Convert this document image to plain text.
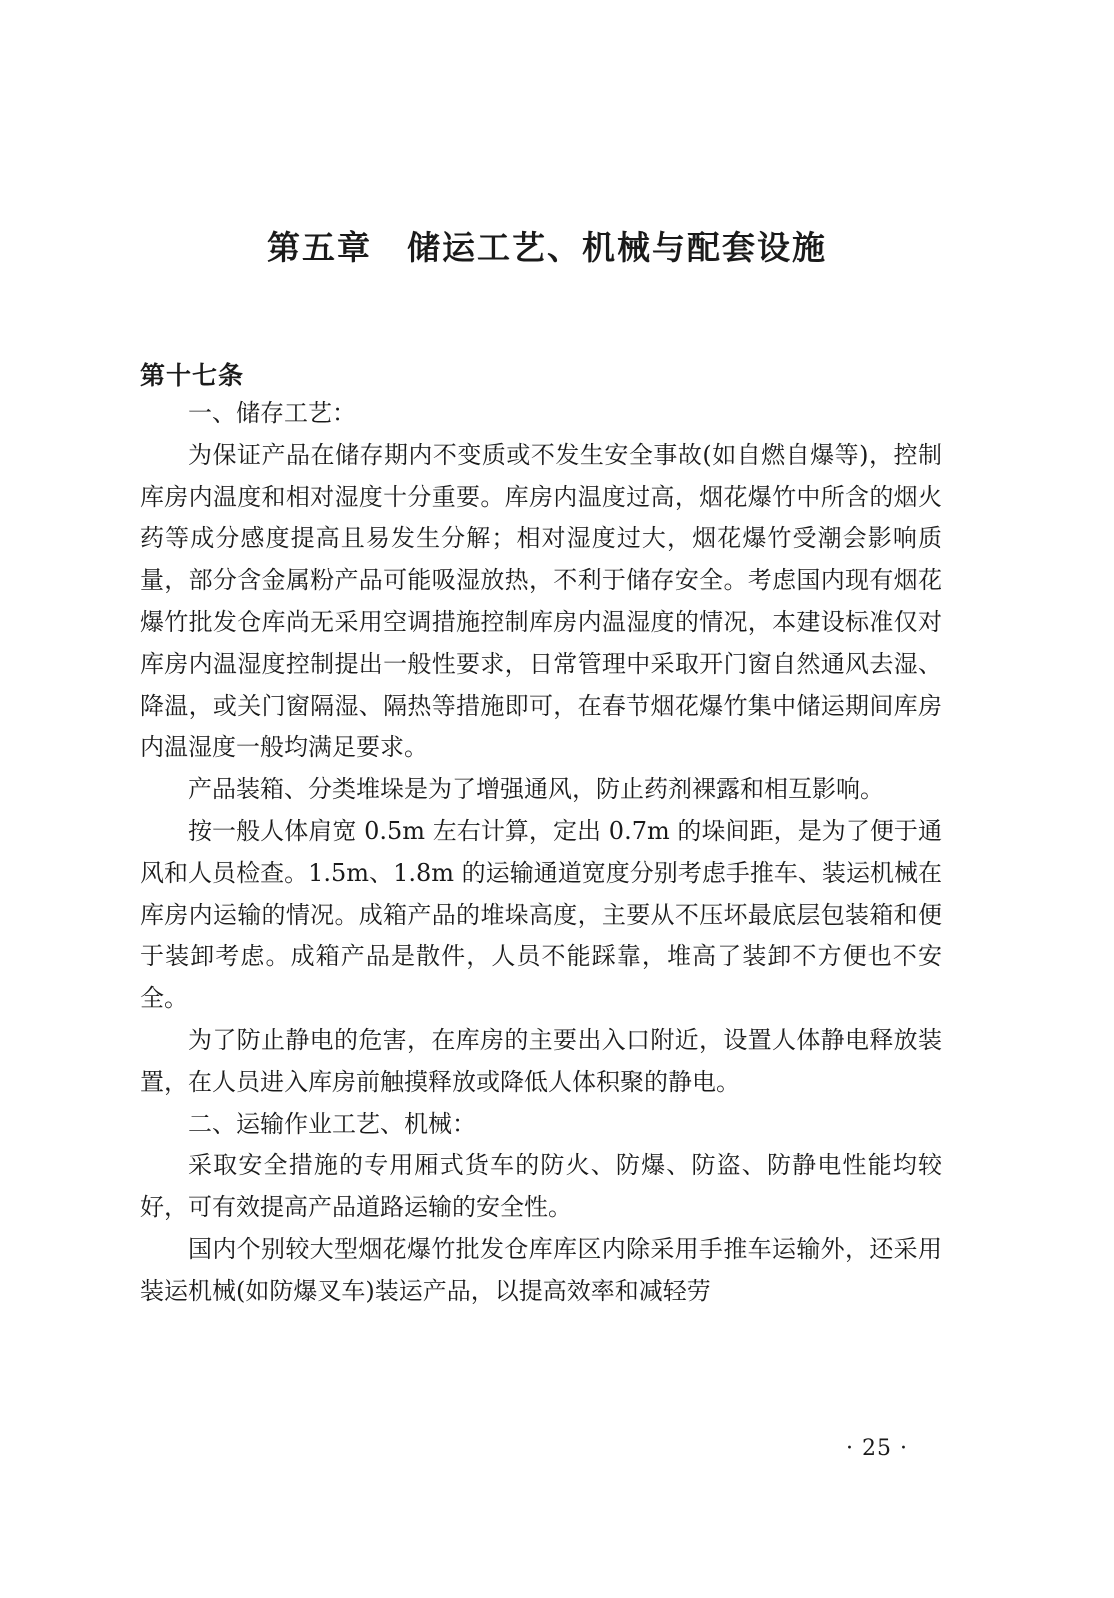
第五章　储运工艺、机械与配套设施
第十七条

一、储存工艺：

为保证产品在储存期内不变质或不发生安全事故(如自燃自爆等)，控制库房内温度和相对湿度十分重要。库房内温度过高，烟花爆竹中所含的烟火药等成分感度提高且易发生分解；相对湿度过大，烟花爆竹受潮会影响质量，部分含金属粉产品可能吸湿放热，不利于储存安全。考虑国内现有烟花爆竹批发仓库尚无采用空调措施控制库房内温湿度的情况，本建设标准仅对库房内温湿度控制提出一般性要求，日常管理中采取开门窗自然通风去湿、降温，或关门窗隔湿、隔热等措施即可，在春节烟花爆竹集中储运期间库房内温湿度一般均满足要求。

产品装箱、分类堆垛是为了增强通风，防止药剂裸露和相互影响。

按一般人体肩宽 0.5m 左右计算，定出 0.7m 的垛间距，是为了便于通风和人员检查。1.5m、1.8m 的运输通道宽度分别考虑手推车、装运机械在库房内运输的情况。成箱产品的堆垛高度，主要从不压坏最底层包装箱和便于装卸考虑。成箱产品是散件，人员不能踩靠，堆高了装卸不方便也不安全。

为了防止静电的危害，在库房的主要出入口附近，设置人体静电释放装置，在人员进入库房前触摸释放或降低人体积聚的静电。

二、运输作业工艺、机械：

采取安全措施的专用厢式货车的防火、防爆、防盗、防静电性能均较好，可有效提高产品道路运输的安全性。

国内个别较大型烟花爆竹批发仓库库区内除采用手推车运输外，还采用装运机械(如防爆叉车)装运产品，以提高效率和减轻劳

· 25 ·
